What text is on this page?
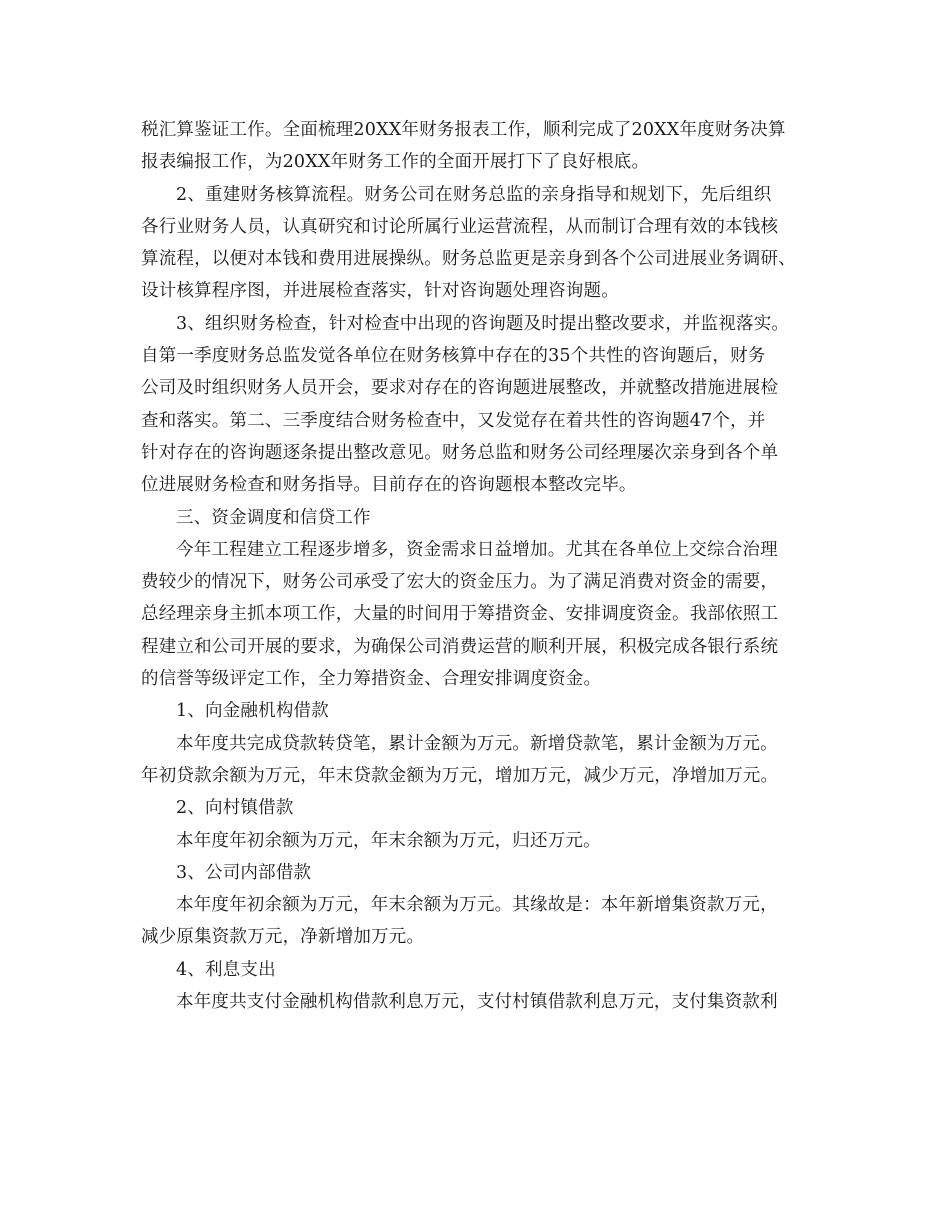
税汇算鉴证工作。全面梳理20XX年财务报表工作，顺利完成了20XX年度财务决算
报表编报工作，为20XX年财务工作的全面开展打下了良好根底。
2、重建财务核算流程。财务公司在财务总监的亲身指导和规划下，先后组织
各行业财务人员，认真研究和讨论所属行业运营流程，从而制订合理有效的本钱核
算流程，以便对本钱和费用进展操纵。财务总监更是亲身到各个公司进展业务调研、
设计核算程序图，并进展检查落实，针对咨询题处理咨询题。
3、组织财务检查，针对检查中出现的咨询题及时提出整改要求，并监视落实。
自第一季度财务总监发觉各单位在财务核算中存在的35个共性的咨询题后，财务
公司及时组织财务人员开会，要求对存在的咨询题进展整改，并就整改措施进展检
查和落实。第二、三季度结合财务检查中，又发觉存在着共性的咨询题47个，并
针对存在的咨询题逐条提出整改意见。财务总监和财务公司经理屡次亲身到各个单
位进展财务检查和财务指导。目前存在的咨询题根本整改完毕。
三、资金调度和信贷工作
今年工程建立工程逐步增多，资金需求日益增加。尤其在各单位上交综合治理
费较少的情况下，财务公司承受了宏大的资金压力。为了满足消费对资金的需要，
总经理亲身主抓本项工作，大量的时间用于筹措资金、安排调度资金。我部依照工
程建立和公司开展的要求，为确保公司消费运营的顺利开展，积极完成各银行系统
的信誉等级评定工作，全力筹措资金、合理安排调度资金。
1、向金融机构借款
本年度共完成贷款转贷笔，累计金额为万元。新增贷款笔，累计金额为万元。
年初贷款余额为万元，年末贷款金额为万元，增加万元，减少万元，净增加万元。
2、向村镇借款
本年度年初余额为万元，年末余额为万元，归还万元。
3、公司内部借款
本年度年初余额为万元，年末余额为万元。其缘故是：本年新增集资款万元，
减少原集资款万元，净新增加万元。
4、利息支出
本年度共支付金融机构借款利息万元，支付村镇借款利息万元，支付集资款利
